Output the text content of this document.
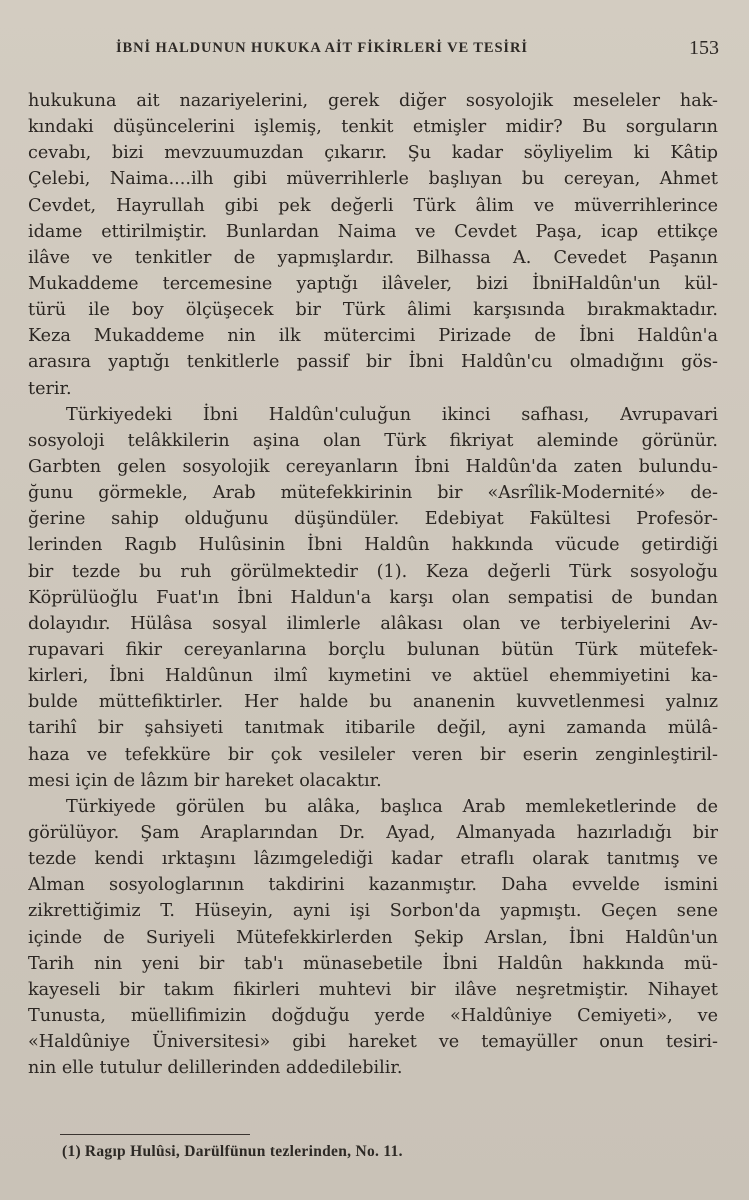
İBNİ HALDUNUN HUKUKA AİT FİKİRLERİ VE TESİRİ	153
hukukuna ait nazariyelerini, gerek diğer sosyolojik meseleler hak-
kındaki düşüncelerini işlemiş, tenkit etmişler midir? Bu sorguların
cevabı, bizi mevzuumuzdan çıkarır. Şu kadar söyliyelim ki Kâtip
Çelebi, Naima....ilh gibi müverrihlerle başlıyan bu cereyan, Ahmet
Cevdet, Hayrullah gibi pek değerli Türk âlim ve müverrihlerince
idame ettirilmiştir. Bunlardan Naima ve Cevdet Paşa, icap ettikçe
ilâve ve tenkitler de yapmışlardır. Bilhassa A. Cevedet Paşanın
Mukaddeme tercemesine yaptığı ilâveler, bizi İbniHaldûn'un kül-
türü ile boy ölçüşecek bir Türk âlimi karşısında bırakmaktadır.
Keza Mukaddeme nin ilk mütercimi Pirizade de İbni Haldûn'a
arasıra yaptığı tenkitlerle passif bir İbni Haldûn'cu olmadığını gös-
terir.
Türkiyedeki İbni Haldûn'culuğun ikinci safhası, Avrupavari
sosyoloji telâkkilerin aşina olan Türk fikriyat aleminde görünür.
Garbten gelen sosyolojik cereyanların İbni Haldûn'da zaten bulundu-
ğunu görmekle, Arab mütefekkirinin bir «Asrîlik-Modernité» de-
ğerine sahip olduğunu düşündüler. Edebiyat Fakültesi Profesör-
lerinden Ragıb Hulûsinin İbni Haldûn hakkında vücude getirdiği
bir tezde bu ruh görülmektedir (1). Keza değerli Türk sosyoloğu
Köprülüoğlu Fuat'ın İbni Haldun'a karşı olan sempatisi de bundan
dolayıdır. Hülâsa sosyal ilimlerle alâkası olan ve terbiyelerini Av-
rupavari fikir cereyanlarına borçlu bulunan bütün Türk mütefek-
kirleri, İbni Haldûnun ilmî kıymetini ve aktüel ehemmiyetini ka-
bulde müttefiktirler. Her halde bu ananenin kuvvetlenmesi yalnız
tarihî bir şahsiyeti tanıtmak itibarile değil, ayni zamanda mülâ-
haza ve tefekküre bir çok vesileler veren bir eserin zenginleştiril-
mesi için de lâzım bir hareket olacaktır.
Türkiyede görülen bu alâka, başlıca Arab memleketlerinde de
görülüyor. Şam Araplarından Dr. Ayad, Almanyada hazırladığı bir
tezde kendi ırktaşını lâzımgelediği kadar etraflı olarak tanıtmış ve
Alman sosyologlarının takdirini kazanmıştır. Daha evvelde ismini
zikrettiğimiz T. Hüseyin, ayni işi Sorbon'da yapmıştı. Geçen sene
içinde de Suriyeli Mütefekkirlerden Şekip Arslan, İbni Haldûn'un
Tarih nin yeni bir tab'ı münasebetile İbni Haldûn hakkında mü-
kayeseli bir takım fikirleri muhtevi bir ilâve neşretmiştir. Nihayet
Tunusta, müellifimizin doğduğu yerde «Haldûniye Cemiyeti», ve
«Haldûniye Üniversitesi» gibi hareket ve temayüller onun tesiri-
nin elle tutulur delillerinden addedilebilir.
(1) Ragıp Hulûsi, Darülfünun tezlerinden, No. 11.
